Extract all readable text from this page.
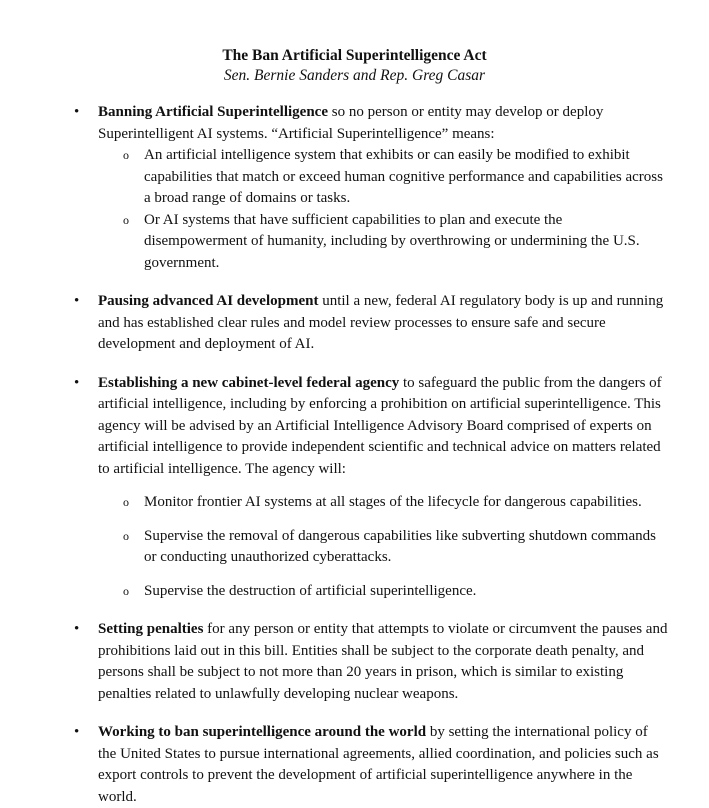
The Ban Artificial Superintelligence Act
Sen. Bernie Sanders and Rep. Greg Casar
• Banning Artificial Superintelligence so no person or entity may develop or deploy Superintelligent AI systems. “Artificial Superintelligence” means:
o An artificial intelligence system that exhibits or can easily be modified to exhibit capabilities that match or exceed human cognitive performance and capabilities across a broad range of domains or tasks.
o Or AI systems that have sufficient capabilities to plan and execute the disempowerment of humanity, including by overthrowing or undermining the U.S. government.
• Pausing advanced AI development until a new, federal AI regulatory body is up and running and has established clear rules and model review processes to ensure safe and secure development and deployment of AI.
• Establishing a new cabinet-level federal agency to safeguard the public from the dangers of artificial intelligence, including by enforcing a prohibition on artificial superintelligence. This agency will be advised by an Artificial Intelligence Advisory Board comprised of experts on artificial intelligence to provide independent scientific and technical advice on matters related to artificial intelligence. The agency will:
o Monitor frontier AI systems at all stages of the lifecycle for dangerous capabilities.
o Supervise the removal of dangerous capabilities like subverting shutdown commands or conducting unauthorized cyberattacks.
o Supervise the destruction of artificial superintelligence.
• Setting penalties for any person or entity that attempts to violate or circumvent the pauses and prohibitions laid out in this bill. Entities shall be subject to the corporate death penalty, and persons shall be subject to not more than 20 years in prison, which is similar to existing penalties related to unlawfully developing nuclear weapons.
• Working to ban superintelligence around the world by setting the international policy of the United States to pursue international agreements, allied coordination, and policies such as export controls to prevent the development of artificial superintelligence anywhere in the world.
